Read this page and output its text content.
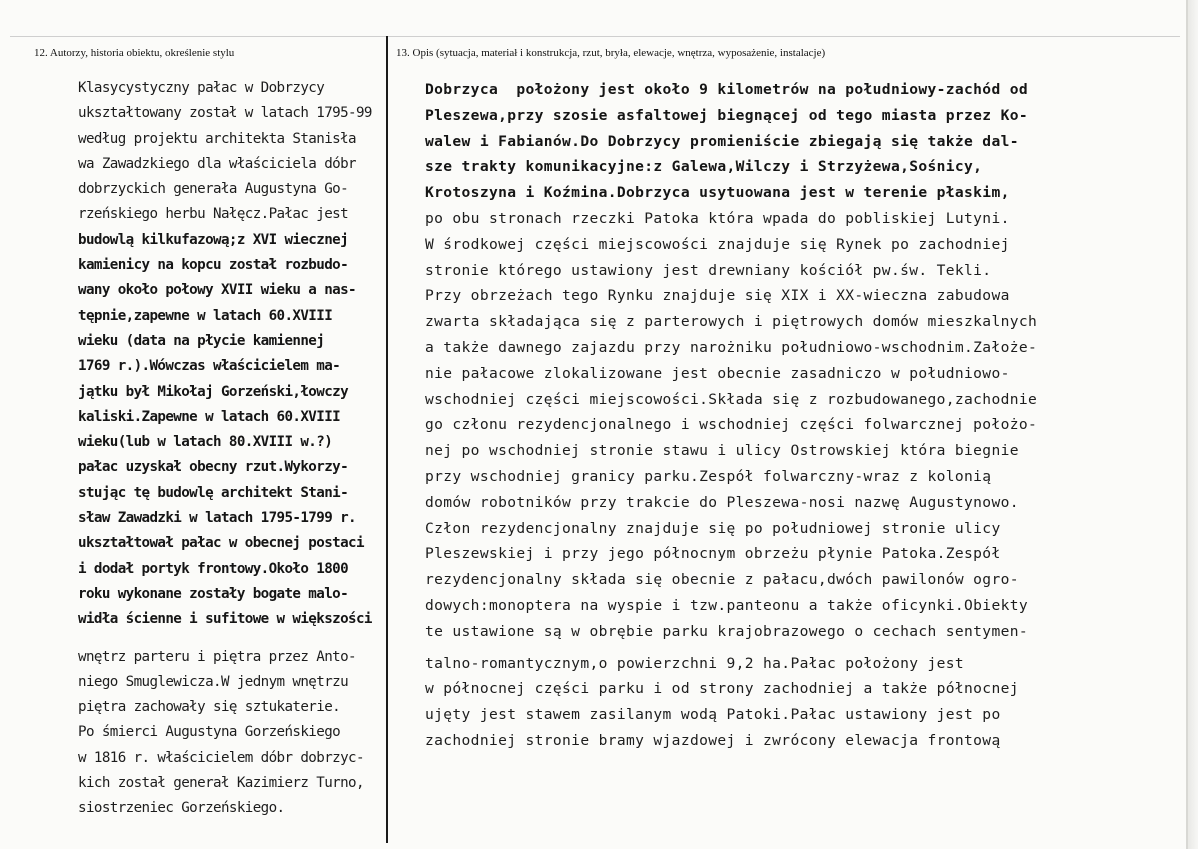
12. Autorzy, historia obiektu, określenie stylu	13. Opis (sytuacja, materiał i konstrukcja, rzut, bryła, elewacje, wnętrza, wyposażenie, instalacje)
Klasycystyczny pałac w Dobrzycy
ukształtowany został w latach 1795-99
według projektu architekta Stanisła
wa Zawadzkiego dla właściciela dóbr
dobrzyckich generała Augustyna Go-
rzeńskiego herbu Nałęcz.Pałac jest
budowlą kilkufazową;z XVI wiecznej
kamienicy na kopcu został rozbudo-
wany około połowy XVII wieku a nas-
tępnie,zapewne w latach 60.XVIII
wieku (data na płycie kamiennej
1769 r.).Wówczas właścicielem ma-
jątku był Mikołaj Gorzeński,łowczy
kaliski.Zapewne w latach 60.XVIII
wieku(lub w latach 80.XVIII w.?)
pałac uzyskał obecny rzut.Wykorzy-
stując tę budowlę architekt Stani-
sław Zawadzki w latach 1795-1799 r.
ukształtował pałac w obecnej postaci
i dodał portyk frontowy.Około 1800
roku wykonane zostały bogate malo-
widła ścienne i sufitowe w większości
wnętrz parteru i piętra przez Anto-
niego Smuglewicza.W jednym wnętrzu
piętra zachowały się sztukaterie.
Po śmierci Augustyna Gorzeńskiego
w 1816 r. właścicielem dóbr dobrzyc-
kich został generał Kazimierz Turno,
siostrzeniec Gorzeńskiego.
Dobrzyca  położony jest około 9 kilometrów na południowy-zachód od
Pleszewa,przy szosie asfaltowej biegnącej od tego miasta przez Ko-
walew i Fabianów.Do Dobrzycy promieniście zbiegają się także dal-
sze trakty komunikacyjne:z Galewa,Wilczy i Strzyżewa,Sośnicy,
Krotoszyna i Koźmina.Dobrzyca usytuowana jest w terenie płaskim,
po obu stronach rzeczki Patoka która wpada do pobliskiej Lutyni.
W środkowej części miejscowości znajduje się Rynek po zachodniej
stronie którego ustawiony jest drewniany kościół pw.św. Tekli.
Przy obrzeżach tego Rynku znajduje się XIX i XX-wieczna zabudowa
zwarta składająca się z parterowych i piętrowych domów mieszkalnych
a także dawnego zajazdu przy narożniku południowo-wschodnim.Założe-
nie pałacowe zlokalizowane jest obecnie zasadniczo w południowo-
wschodniej części miejscowości.Składa się z rozbudowanego,zachodnie
go członu rezydencjonalnego i wschodniej części folwarcznej położo-
nej po wschodniej stronie stawu i ulicy Ostrowskiej która biegnie
przy wschodniej granicy parku.Zespół folwarczny-wraz z kolonią
domów robotników przy trakcie do Pleszewa-nosi nazwę Augustynowo.
Człon rezydencjonalny znajduje się po południowej stronie ulicy
Pleszewskiej i przy jego północnym obrzeżu płynie Patoka.Zespół
rezydencjonalny składa się obecnie z pałacu,dwóch pawilonów ogro-
dowych:monoptera na wyspie i tzw.panteonu a także oficynki.Obiekty
te ustawione są w obrębie parku krajobrazowego o cechach sentymen-
talno-romantycznym,o powierzchni 9,2 ha.Pałac położony jest
w północnej części parku i od strony zachodniej a także północnej
ujęty jest stawem zasilanym wodą Patoki.Pałac ustawiony jest po
zachodniej stronie bramy wjazdowej i zwrócony elewacja frontową
